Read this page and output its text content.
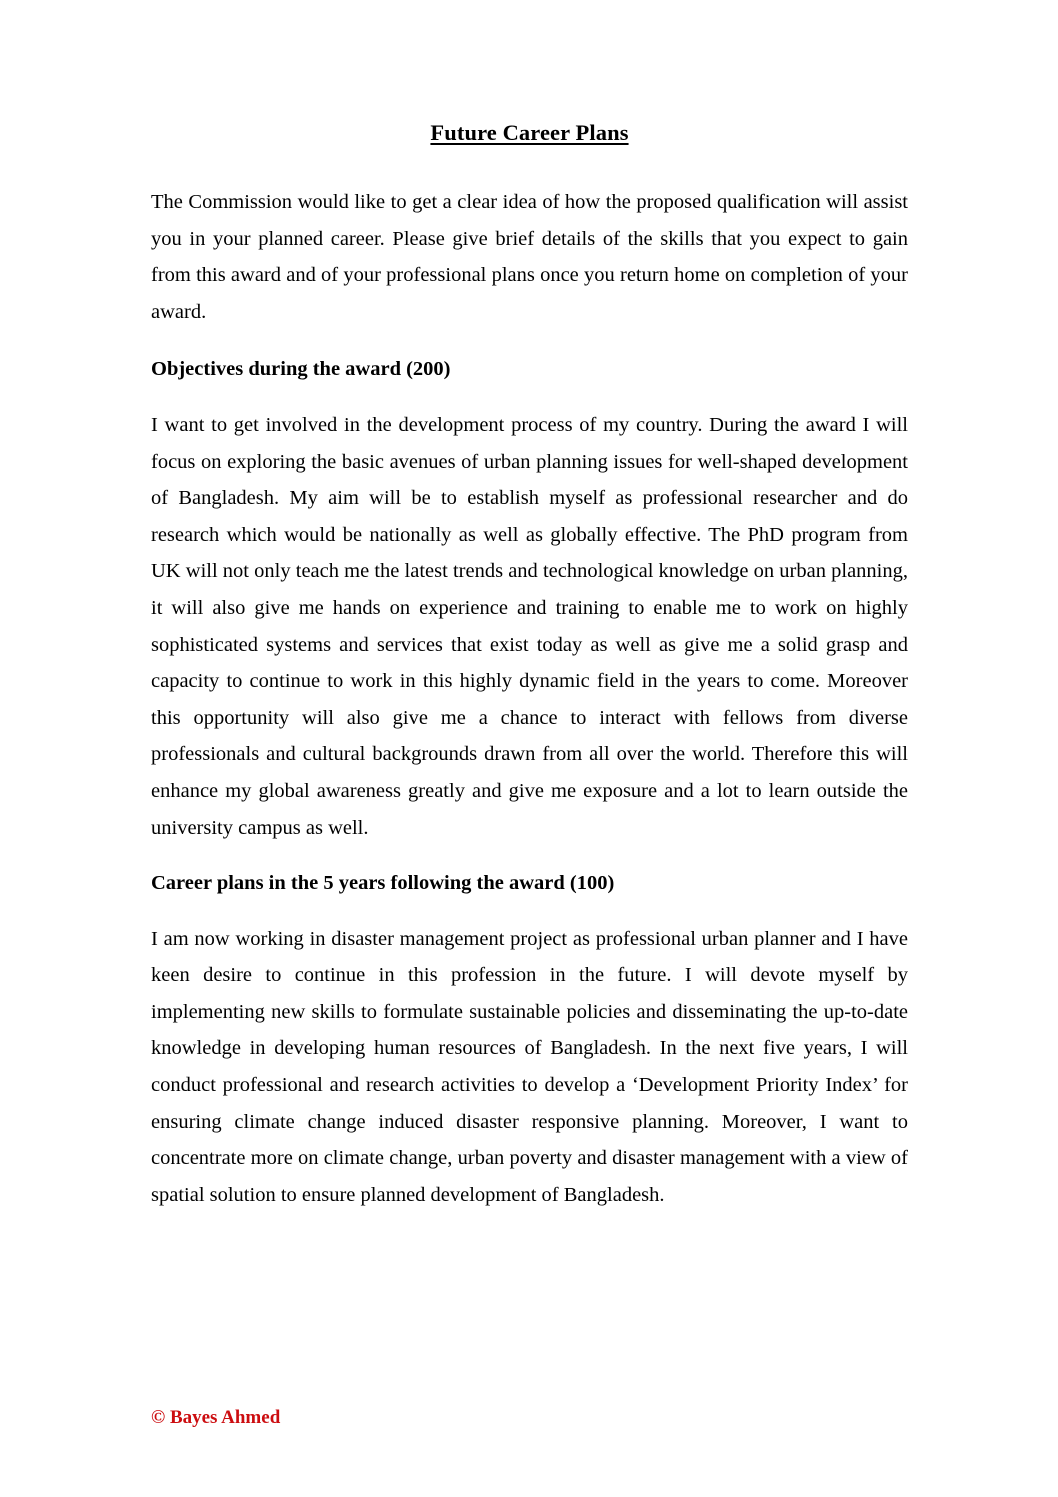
Future Career Plans

The Commission would like to get a clear idea of how the proposed qualification will assist you in your planned career. Please give brief details of the skills that you expect to gain from this award and of your professional plans once you return home on completion of your award.

Objectives during the award (200)

I want to get involved in the development process of my country. During the award I will focus on exploring the basic avenues of urban planning issues for well-shaped development of Bangladesh. My aim will be to establish myself as professional researcher and do research which would be nationally as well as globally effective. The PhD program from UK will not only teach me the latest trends and technological knowledge on urban planning, it will also give me hands on experience and training to enable me to work on highly sophisticated systems and services that exist today as well as give me a solid grasp and capacity to continue to work in this highly dynamic field in the years to come. Moreover this opportunity will also give me a chance to interact with fellows from diverse professionals and cultural backgrounds drawn from all over the world. Therefore this will enhance my global awareness greatly and give me exposure and a lot to learn outside the university campus as well.

Career plans in the 5 years following the award (100)

I am now working in disaster management project as professional urban planner and I have keen desire to continue in this profession in the future. I will devote myself by implementing new skills to formulate sustainable policies and disseminating the up-to-date knowledge in developing human resources of Bangladesh. In the next five years, I will conduct professional and research activities to develop a ‘Development Priority Index’ for ensuring climate change induced disaster responsive planning. Moreover, I want to concentrate more on climate change, urban poverty and disaster management with a view of spatial solution to ensure planned development of Bangladesh.

© Bayes Ahmed
